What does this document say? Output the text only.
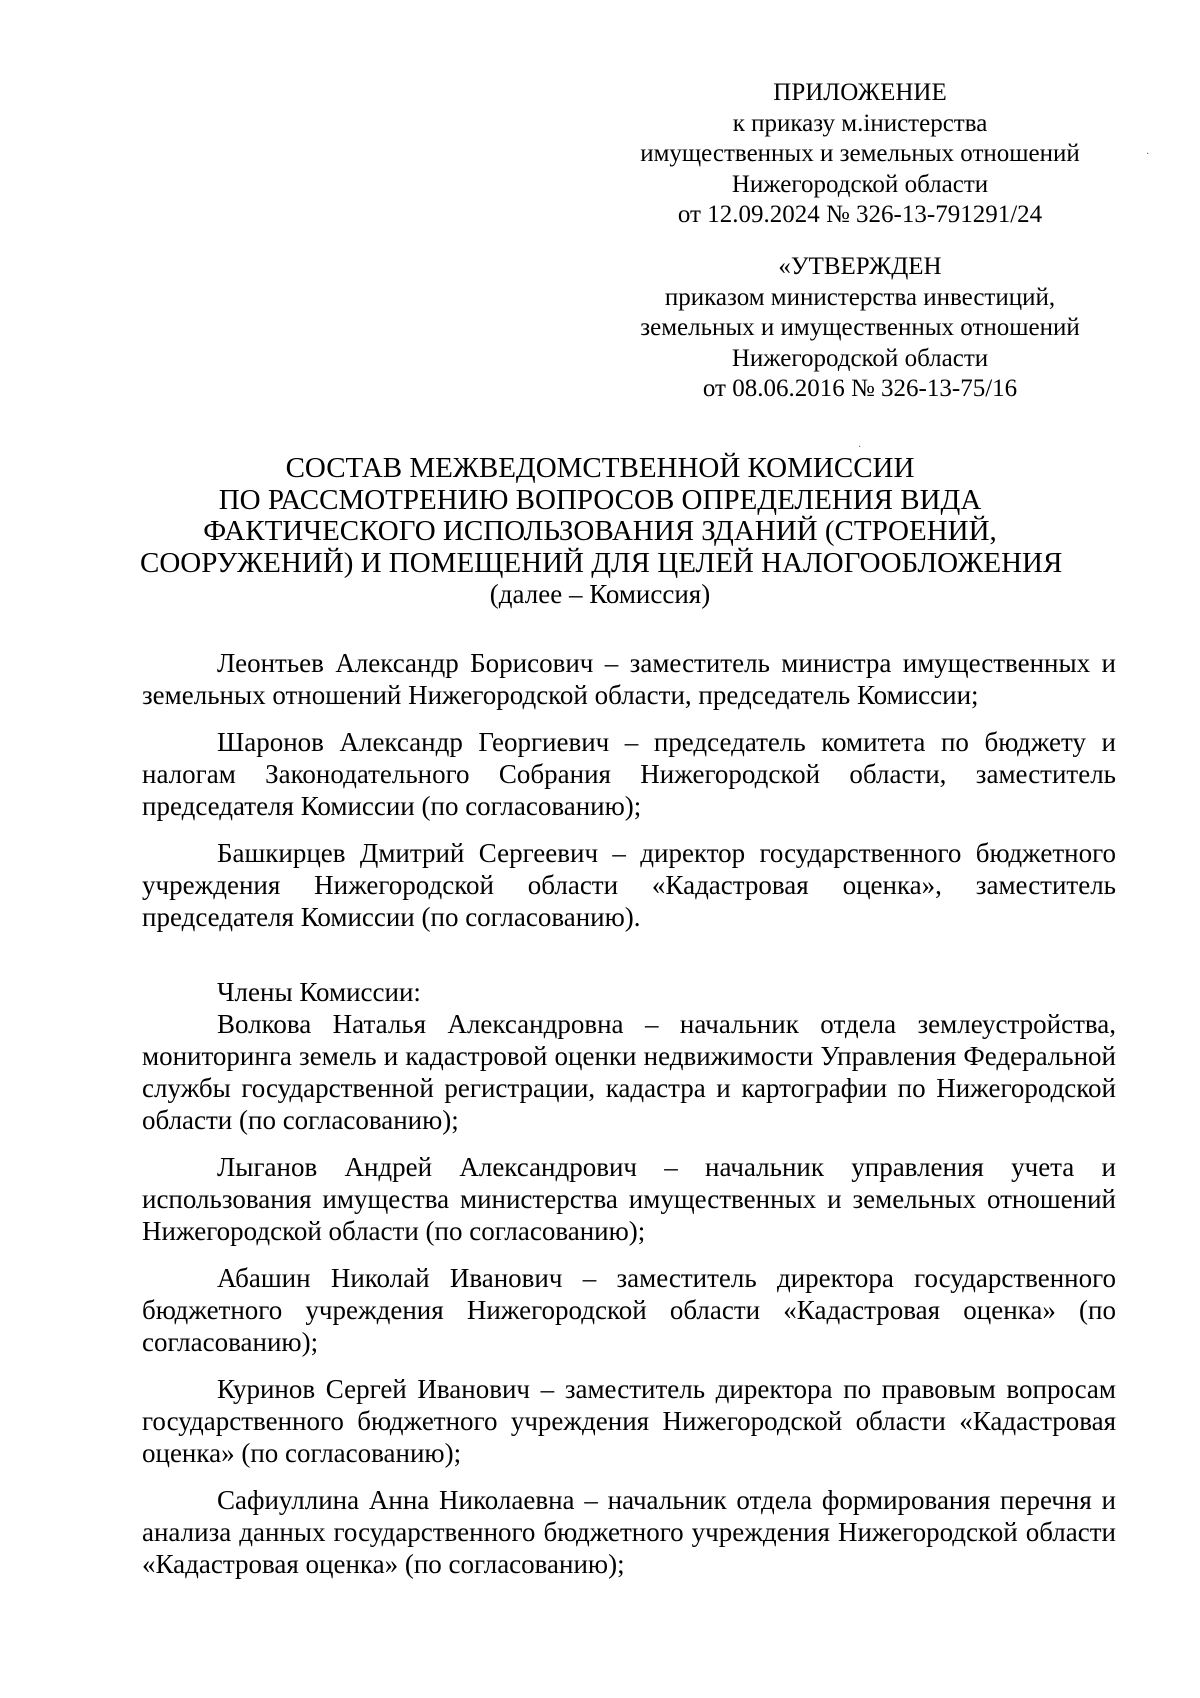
ПРИЛОЖЕНИЕ
к приказу м.інистерства
имущественных и земельных отношений
Нижегородской области
от 12.09.2024 № 326-13-791291/24
«УТВЕРЖДЕН
приказом министерства инвестиций,
земельных и имущественных отношений
Нижегородской области
от 08.06.2016 № 326-13-75/16
·
·
СОСТАВ МЕЖВЕДОМСТВЕННОЙ КОМИССИИ
ПО РАССМОТРЕНИЮ ВОПРОСОВ ОПРЕДЕЛЕНИЯ ВИДА
ФАКТИЧЕСКОГО ИСПОЛЬЗОВАНИЯ ЗДАНИЙ (СТРОЕНИЙ,
СООРУЖЕНИЙ) И ПОМЕЩЕНИЙ ДЛЯ ЦЕЛЕЙ НАЛОГООБЛОЖЕНИЯ
(далее – Комиссия)

Леонтьев Александр Борисович – заместитель министра имущественных и земельных отношений Нижегородской области, председатель Комиссии;

Шаронов Александр Георгиевич – председатель комитета по бюджету и налогам Законодательного Собрания Нижегородской области, заместитель председателя Комиссии (по согласованию);

Башкирцев Дмитрий Сергеевич – директор государственного бюджетного учреждения Нижегородской области «Кадастровая оценка», заместитель председателя Комиссии (по согласованию).

Члены Комиссии:

Волкова Наталья Александровна – начальник отдела землеустройства, мониторинга земель и кадастровой оценки недвижимости Управления Федеральной службы государственной регистрации, кадастра и картографии по Нижегородской области (по согласованию);

Лыганов Андрей Александрович – начальник управления учета и использования имущества министерства имущественных и земельных отношений Нижегородской области (по согласованию);

Абашин Николай Иванович – заместитель директора государственного бюджетного учреждения Нижегородской области «Кадастровая оценка» (по согласованию);

Куринов Сергей Иванович – заместитель директора по правовым вопросам государственного бюджетного учреждения Нижегородской области «Кадастровая оценка» (по согласованию);

Сафиуллина Анна Николаевна – начальник отдела формирования перечня и анализа данных государственного бюджетного учреждения Нижегородской области «Кадастровая оценка» (по согласованию);
